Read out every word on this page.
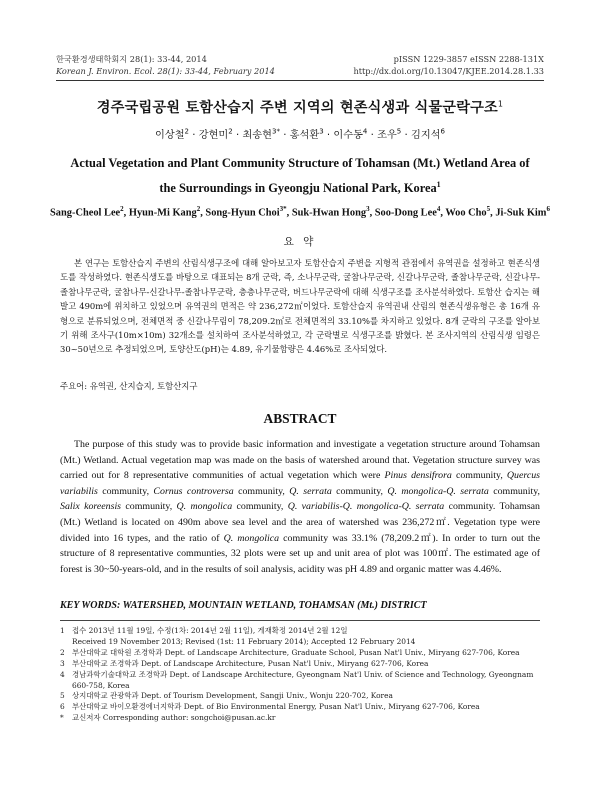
한국환경생태학회지 28(1): 33-44, 2014
Korean J. Environ. Ecol. 28(1): 33-44, February 2014
pISSN 1229-3857 eISSN 2288-131X
http://dx.doi.org/10.13047/KJEE.2014.28.1.33
경주국립공원 토함산습지 주변 지역의 현존식생과 식물군락구조$^1$
이상철$^2$ · 강현미$^2$ · 최송현$^{3*}$ · 홍석환$^3$ · 이수동$^4$ · 조우$^5$ · 김지석$^6$
Actual Vegetation and Plant Community Structure of Tohamsan (Mt.) Wetland Area of
the Surroundings in Gyeongju National Park, Korea$^1$
Sang-Cheol Lee$^2$, Hyun-Mi Kang$^2$, Song-Hyun Choi$^{3*}$, Suk-Hwan Hong$^3$, Soo-Dong Lee$^4$, Woo Cho$^5$, Ji-Suk Kim$^6$
요 약

본 연구는 토함산습지 주변의 산림식생구조에 대해 알아보고자 토함산습지 주변을 지형적 관점에서 유역권을 설정하고 현존식생도를 작성하였다. 현존식생도를 바탕으로 대표되는 8개 군락, 즉, 소나무군락, 굴참나무군락, 신갈나무군락, 졸참나무군락, 신갈나무-졸참나무군락, 굴참나무-신갈나무-졸참나무군락, 층층나무군락, 버드나무군락에 대해 식생구조를 조사분석하였다. 토함산 습지는 해발고 490m에 위치하고 있었으며 유역권의 면적은 약 236,272㎡이었다. 토함산습지 유역권내 산림의 현존식생유형은 총 16개 유형으로 분류되었으며, 전체면적 중 신갈나무림이 78,209.2㎡로 전체면적의 33.10%를 차지하고 있었다. 8개 군락의 구조를 알아보기 위해 조사구(10m×10m) 32개소를 설치하여 조사분석하였고, 각 군락별로 식생구조를 밝혔다. 본 조사지역의 산림식생 임령은 30~50년으로 추정되었으며, 토양산도(pH)는 4.89, 유기물함량은 4.46%로 조사되었다.

주요어: 유역권, 산지습지, 토함산지구
ABSTRACT

The purpose of this study was to provide basic information and investigate a vegetation structure around Tohamsan (Mt.) Wetland. Actual vegetation map was made on the basis of watershed around that. Vegetation structure survey was carried out for 8 representative communities of actual vegetation which were Pinus densifrora community, Quercus variabilis community, Cornus controversa community, Q. serrata community, Q. mongolica-Q. serrata community, Salix koreensis community, Q. mongolica community, Q. variabilis-Q. mongolica-Q. serrata community. Tohamsan (Mt.) Wetland is located on 490m above sea level and the area of watershed was 236,272㎡. Vegetation type were divided into 16 types, and the ratio of Q. mongolica community was 33.1% (78,209.2㎡). In order to turn out the structure of 8 representative communties, 32 plots were set up and unit area of plot was 100㎡. The estimated age of forest is 30~50-years-old, and in the results of soil analysis, acidity was pH 4.89 and organic matter was 4.46%.

KEY WORDS: WATERSHED, MOUNTAIN WETLAND, TOHAMSAN (Mt.) DISTRICT
1 접수 2013년 11월 19일, 수정(1차: 2014년 2월 11일), 게재확정 2014년 2월 12일
Received 19 November 2013; Revised (1st: 11 February 2014); Accepted 12 February 2014
2 부산대학교 대학원 조경학과 Dept. of Landscape Architecture, Graduate School, Pusan Nat'l Univ., Miryang 627-706, Korea
3 부산대학교 조경학과 Dept. of Landscape Architecture, Pusan Nat'l Univ., Miryang 627-706, Korea
4 경남과학기술대학교 조경학과 Dept. of Landscape Architecture, Gyeongnam Nat'l Univ. of Science and Technology, Gyeongnam 660-758, Korea
5 상지대학교 관광학과 Dept. of Tourism Development, Sangji Univ., Wonju 220-702, Korea
6 부산대학교 바이오환경에너지학과 Dept. of Bio Environmental Energy, Pusan Nat'l Univ., Miryang 627-706, Korea
* 교신저자 Corresponding author: songchoi@pusan.ac.kr
